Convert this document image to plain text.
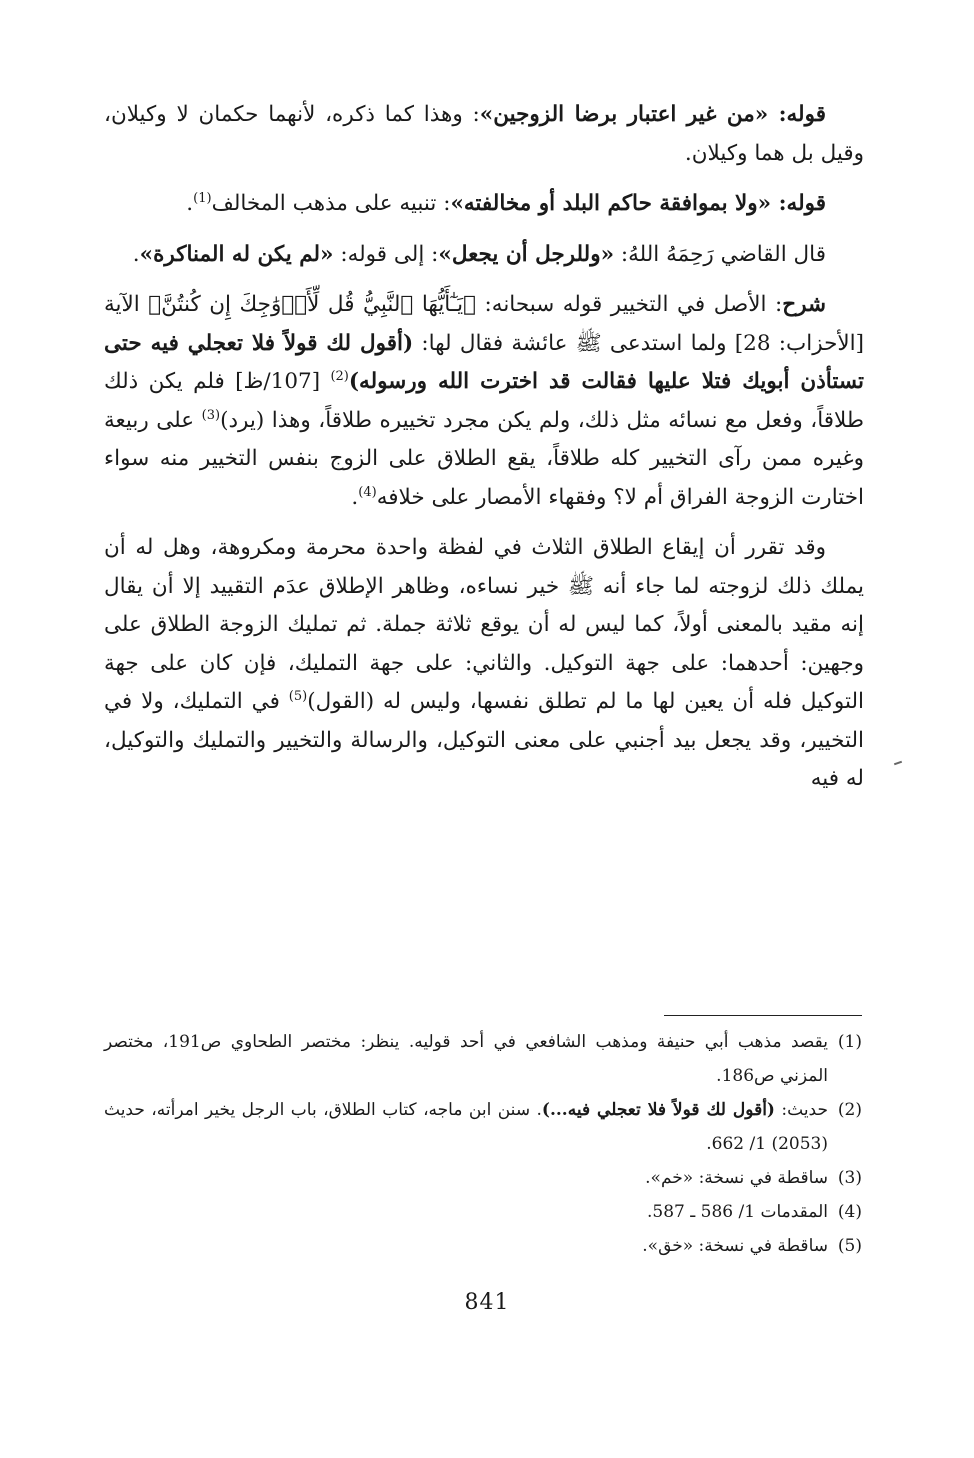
قوله: «من غير اعتبار برضا الزوجين»: وهذا كما ذكره، لأنهما حكمان لا وكيلان، وقيل بل هما وكيلان.

قوله: «ولا بموافقة حاكم البلد أو مخالفته»: تنبيه على مذهب المخالف$^{(1)}$.

قال القاضي رَحِمَهُ اللهُ: «وللرجل أن يجعل»: إلى قوله: «لم يكن له المناكرة».

شرح: الأصل في التخيير قوله سبحانه: ﴿يَـٰٓأَيُّهَا ٱلنَّبِيُّ قُل لِّأَزۡوَٰجِكَ إِن كُنتُنَّ﴾ الآية [الأحزاب: 28] ولما استدعى ﷺ عائشة فقال لها: (أقول لك قولاً فلا تعجلي فيه حتى تستأذن أبويك فتلا عليها فقالت قد اخترت الله ورسوله)$^{(2)}$ [107/ظ] فلم يكن ذلك طلاقاً، وفعل مع نسائه مثل ذلك، ولم يكن مجرد تخييره طلاقاً، وهذا (يرد)$^{(3)}$ على ربيعة وغيره ممن رآى التخيير كله طلاقاً، يقع الطلاق على الزوج بنفس التخيير منه سواء اختارت الزوجة الفراق أم لا؟ وفقهاء الأمصار على خلافه$^{(4)}$.

وقد تقرر أن إيقاع الطلاق الثلاث في لفظة واحدة محرمة ومكروهة، وهل له أن يملك ذلك لزوجته لما جاء أنه ﷺ خير نساءه، وظاهر الإطلاق عدَم التقييد إلا أن يقال إنه مقيد بالمعنى أولاً، كما ليس له أن يوقع ثلاثة جملة. ثم تمليك الزوجة الطلاق على وجهين: أحدهما: على جهة التوكيل. والثاني: على جهة التمليك، فإن كان على جهة التوكيل فله أن يعين لها ما لم تطلق نفسها، وليس له (القول)$^{(5)}$ في التمليك، ولا في التخيير، وقد يجعل بيد أجنبي على معنى التوكيل، والرسالة والتخيير والتمليك والتوكيل، له فيه

(1)
يقصد مذهب أبي حنيفة ومذهب الشافعي في أحد قوليه. ينظر: مختصر الطحاوي ص191، مختصر المزني ص186.
(2)
حديث: (أقول لك قولاً فلا تعجلي فيه...). سنن ابن ماجه، كتاب الطلاق، باب الرجل يخير امرأته، حديث (2053) 1/ 662.
(3)
ساقطة في نسخة: «خم».
(4)
المقدمات 1/ 586 ـ 587.
(5)
ساقطة في نسخة: «خق».
841
